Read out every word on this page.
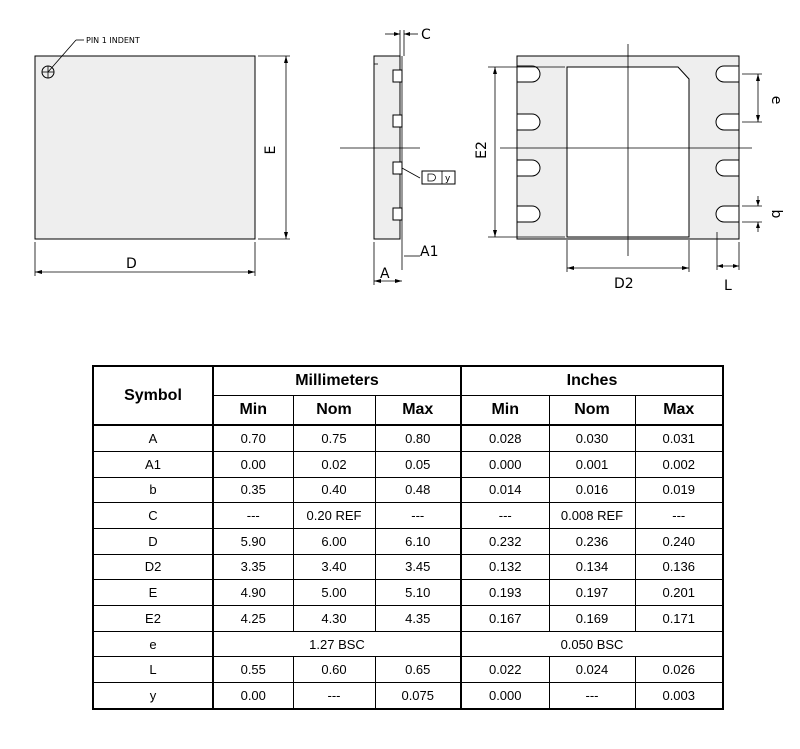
PIN 1 INDENT
D
E
C
y
A1
A
E2
D2
e
b
L
Symbol	Millimeters			Inches		
	Min	Nom	Max	Min	Nom	Max
A	0.70	0.75	0.80	0.028	0.030	0.031
A1	0.00	0.02	0.05	0.000	0.001	0.002
b	0.35	0.40	0.48	0.014	0.016	0.019
C	---	0.20 REF	---	---	0.008 REF	---
D	5.90	6.00	6.10	0.232	0.236	0.240
D2	3.35	3.40	3.45	0.132	0.134	0.136
E	4.90	5.00	5.10	0.193	0.197	0.201
E2	4.25	4.30	4.35	0.167	0.169	0.171
e	1.27 BSC			0.050 BSC		
L	0.55	0.60	0.65	0.022	0.024	0.026
y	0.00	---	0.075	0.000	---	0.003
